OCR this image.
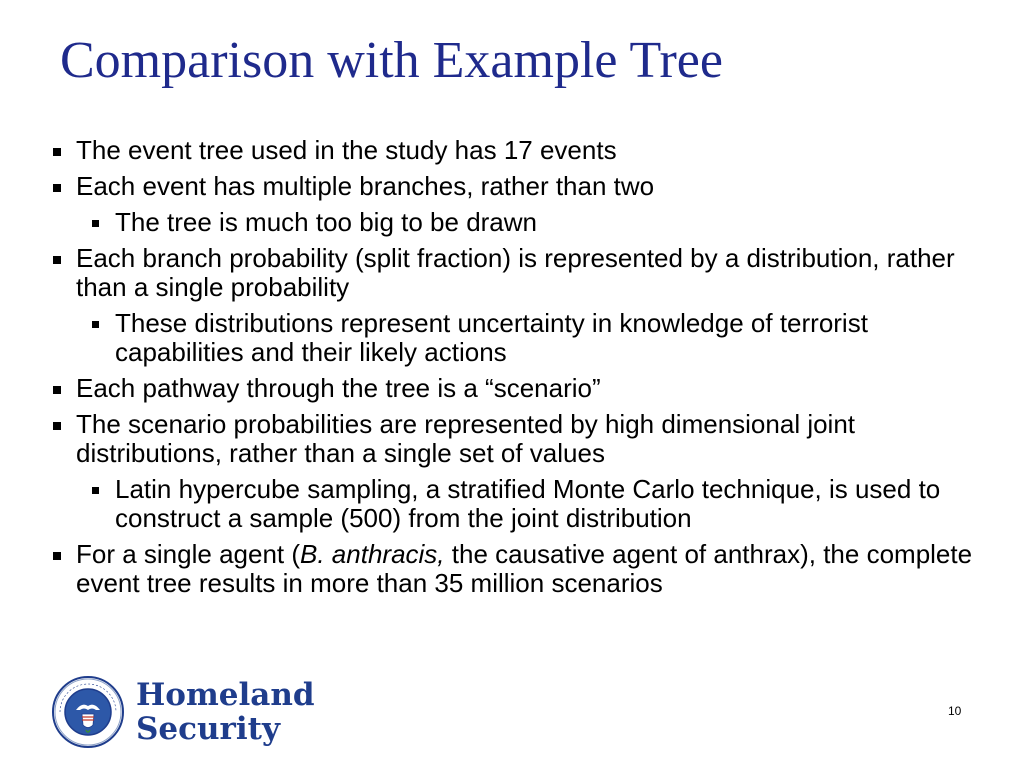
Comparison with Example Tree
The event tree used in the study has 17 events
Each event has multiple branches, rather than two
The tree is much too big to be drawn
Each branch probability (split fraction) is represented by a distribution, rather than a single probability
These distributions represent uncertainty in knowledge of terrorist capabilities and their likely actions
Each pathway through the tree is a “scenario”
The scenario probabilities are represented by high dimensional joint distributions, rather than a single set of values
Latin hypercube sampling, a stratified Monte Carlo technique, is used to construct a sample (500) from the joint distribution
For a single agent (B. anthracis, the causative agent of anthrax), the complete event tree results in more than 35 million scenarios
Homeland
Security	10
